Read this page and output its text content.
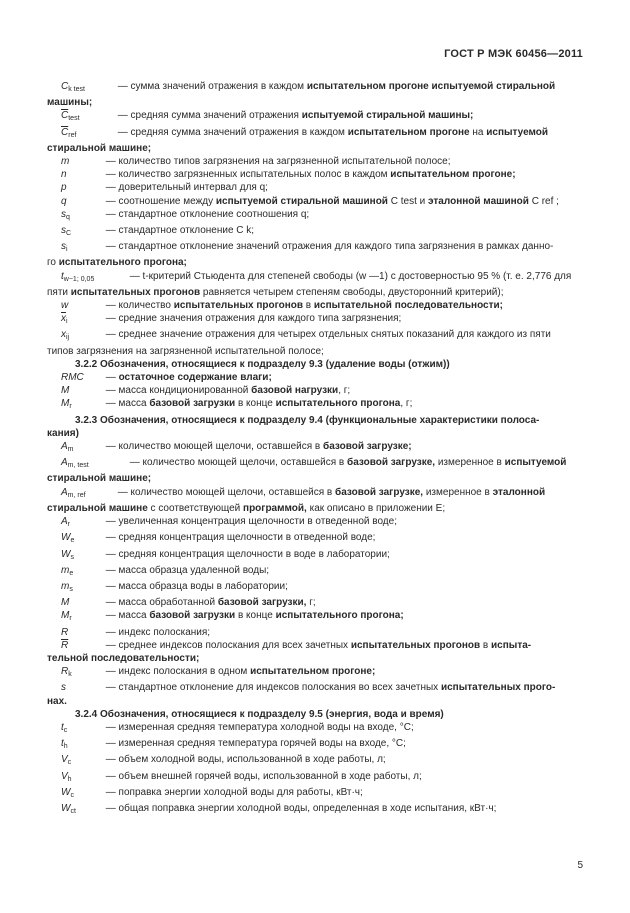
ГОСТ Р МЭК 60456—2011
$C_{k test}$	— сумма значений отражения в каждом испытательном прогоне испытуемой стиральной
машины;
$\overline{C}_{test}$	— средняя сумма значений отражения испытуемой стиральной машины;
$\overline{C}_{ref}$	— средняя сумма значений отражения в каждом испытательном прогоне на испытуемой
стиральной машине;
m	— количество типов загрязнения на загрязненной испытательной полосе;
n	— количество загрязненных испытательных полос в каждом испытательном прогоне;
p	— доверительный интервал для q;
q	— соотношение между испытуемой стиральной машиной C test и эталонной машиной C ref ;
$s_q$	— стандартное отклонение соотношения q;
$s_C$	— стандартное отклонение C k;
$s_i$	— стандартное отклонение значений отражения для каждого типа загрязнения в рамках данно-
го испытательного прогона;
$t_{w-1; 0,05}$	— t-критерий Стьюдента для степеней свободы (w —1) с достоверностью 95 % (т. е. 2,776 для
пяти испытательных прогонов равняется четырем степеням свободы, двусторонний критерий);
w	— количество испытательных прогонов в испытательной последовательности;
$\overline{x}_i$	— средние значения отражения для каждого типа загрязнения;
$x_{ij}$	— среднее значение отражения для четырех отдельных снятых показаний для каждого из пяти
типов загрязнения на загрязненной испытательной полосе;
3.2.2 Обозначения, относящиеся к подразделу 9.3 (удаление воды (отжим))
RMC — остаточное содержание влаги;
M	— масса кондиционированной базовой нагрузки, г;
$M_r$	— масса базовой загрузки в конце испытательного прогона, г;
3.2.3 Обозначения, относящиеся к подразделу 9.4 (функциональные характеристики полоса-
кания)
$A_m$	— количество моющей щелочи, оставшейся в базовой загрузке;
$A_{m, test}$	— количество моющей щелочи, оставшейся в базовой загрузке, измеренное в испытуемой
стиральной машине;
$A_{m, ref}$	— количество моющей щелочи, оставшейся в базовой загрузке, измеренное в эталонной
стиральной машине с соответствующей программой, как описано в приложении Е;
$A_r$	— увеличенная концентрация щелочности в отведенной воде;
$W_e$	— средняя концентрация щелочности в отведенной воде;
$W_s$	— средняя концентрация щелочности в воде в лаборатории;
$m_e$	— масса образца удаленной воды;
$m_s$	— масса образца воды в лаборатории;
M	— масса обработанной базовой загрузки, г;
$M_r$	— масса базовой загрузки в конце испытательного прогона;
R	— индекс полоскания;
$\overline{R}$	— среднее индексов полоскания для всех зачетных испытательных прогонов в испыта-
тельной последовательности;
$R_k$	— индекс полоскания в одном испытательном прогоне;
s	— стандартное отклонение для индексов полоскания во всех зачетных испытательных прого-
нах.
3.2.4 Обозначения, относящиеся к подразделу 9.5 (энергия, вода и время)
$t_c$	— измеренная средняя температура холодной воды на входе, °С;
$t_h$	— измеренная средняя температура горячей воды на входе, °С;
$V_c$	— объем холодной воды, использованной в ходе работы, л;
$V_h$	— объем внешней горячей воды, использованной в ходе работы, л;
$W_c$	— поправка энергии холодной воды для работы, кВт·ч;
$W_{ct}$	— общая поправка энергии холодной воды, определенная в ходе испытания, кВт·ч;
5
